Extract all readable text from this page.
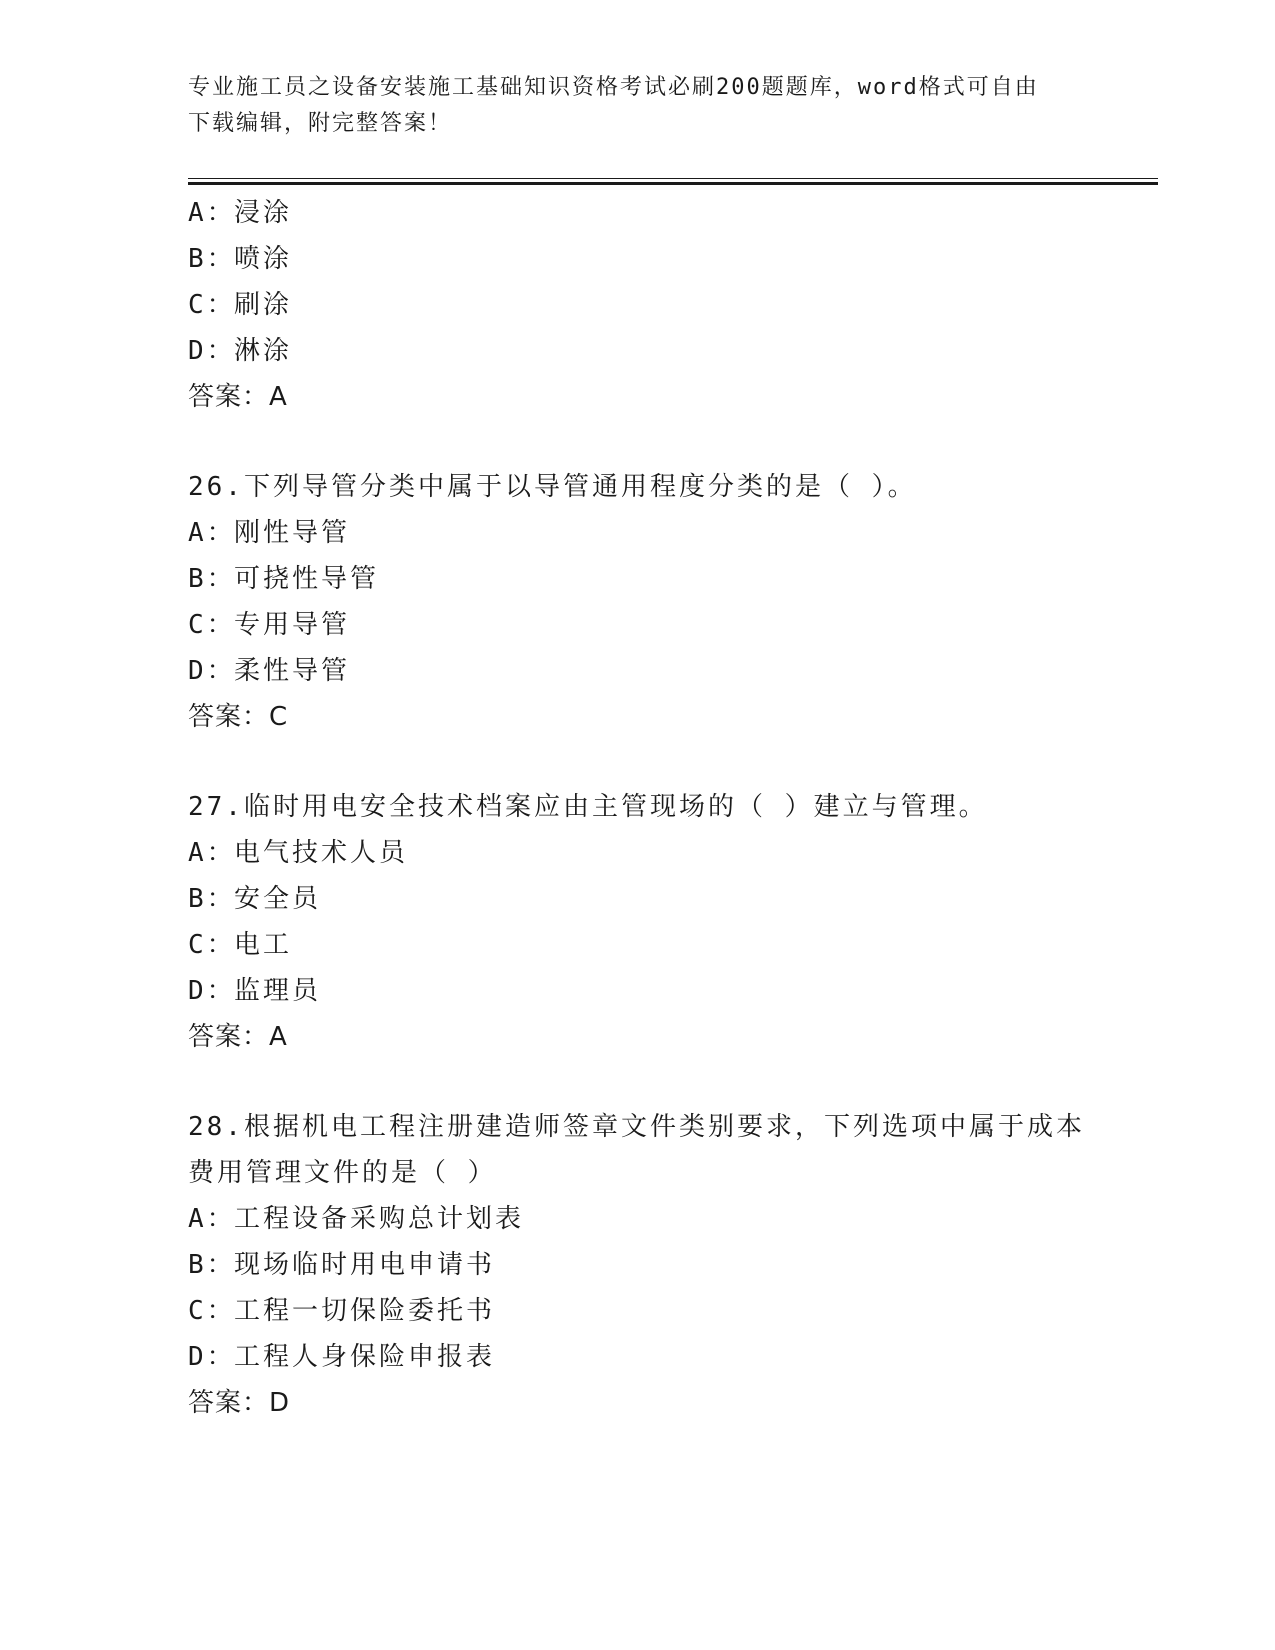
专业施工员之设备安装施工基础知识资格考试必刷200题题库，word格式可自由
下载编辑，附完整答案！
A：浸涂
B：喷涂
C：刷涂
D：淋涂
答案：A
26.下列导管分类中属于以导管通用程度分类的是（ ）。
A：刚性导管
B：可挠性导管
C：专用导管
D：柔性导管
答案：C
27.临时用电安全技术档案应由主管现场的（ ）建立与管理。
A：电气技术人员
B：安全员
C：电工
D：监理员
答案：A
28.根据机电工程注册建造师签章文件类别要求，下列选项中属于成本
费用管理文件的是（ ）
A：工程设备采购总计划表
B：现场临时用电申请书
C：工程一切保险委托书
D：工程人身保险申报表
答案：D
